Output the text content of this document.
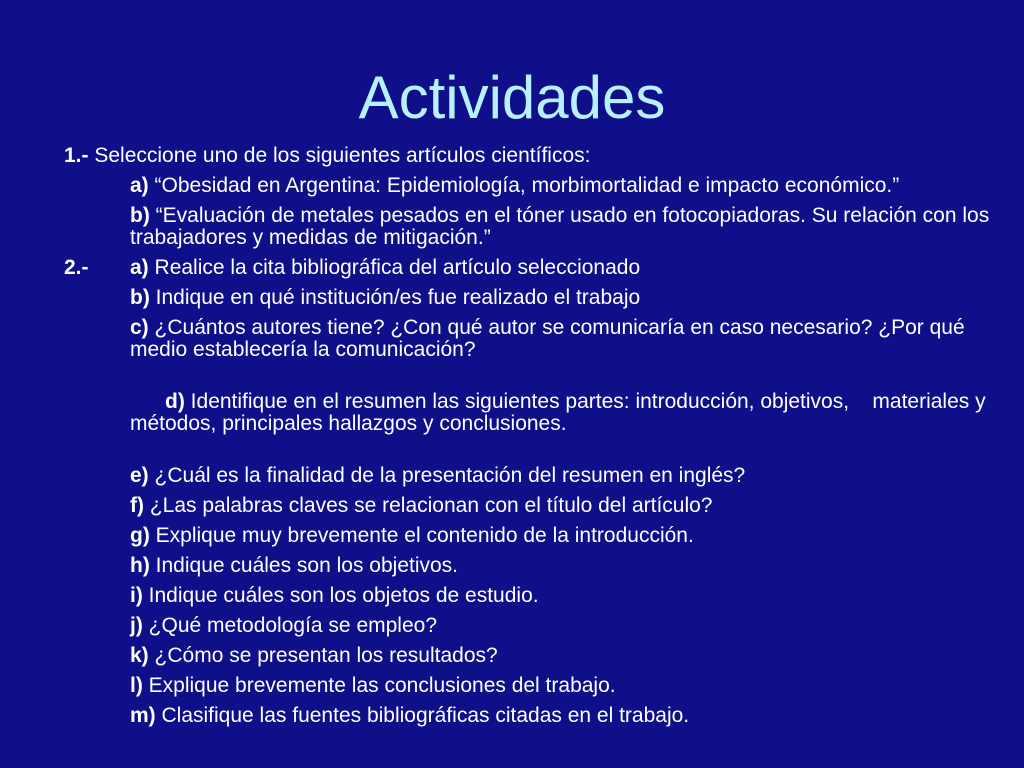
Actividades

1.- Seleccione uno de los siguientes artículos científicos:

a) “Obesidad en Argentina: Epidemiología, morbimortalidad e impacto económico.”

b) “Evaluación de metales pesados en el tóner usado en fotocopiadoras. Su relación con los trabajadores y medidas de mitigación.”

2.- a) Realice la cita bibliográfica del artículo seleccionado

b) Indique en qué institución/es fue realizado el trabajo

c) ¿Cuántos autores tiene? ¿Con qué autor se comunicaría en caso necesario? ¿Por qué medio establecería la comunicación?

d) Identifique en el resumen las siguientes partes: introducción, objetivos,    materiales y métodos, principales hallazgos y conclusiones.

e) ¿Cuál es la finalidad de la presentación del resumen en inglés?

f) ¿Las palabras claves se relacionan con el título del artículo?

g) Explique muy brevemente el contenido de la introducción.

h) Indique cuáles son los objetivos.

i) Indique cuáles son los objetos de estudio.

j) ¿Qué metodología se empleo?

k) ¿Cómo se presentan los resultados?

l) Explique brevemente las conclusiones del trabajo.

m) Clasifique las fuentes bibliográficas citadas en el trabajo.
